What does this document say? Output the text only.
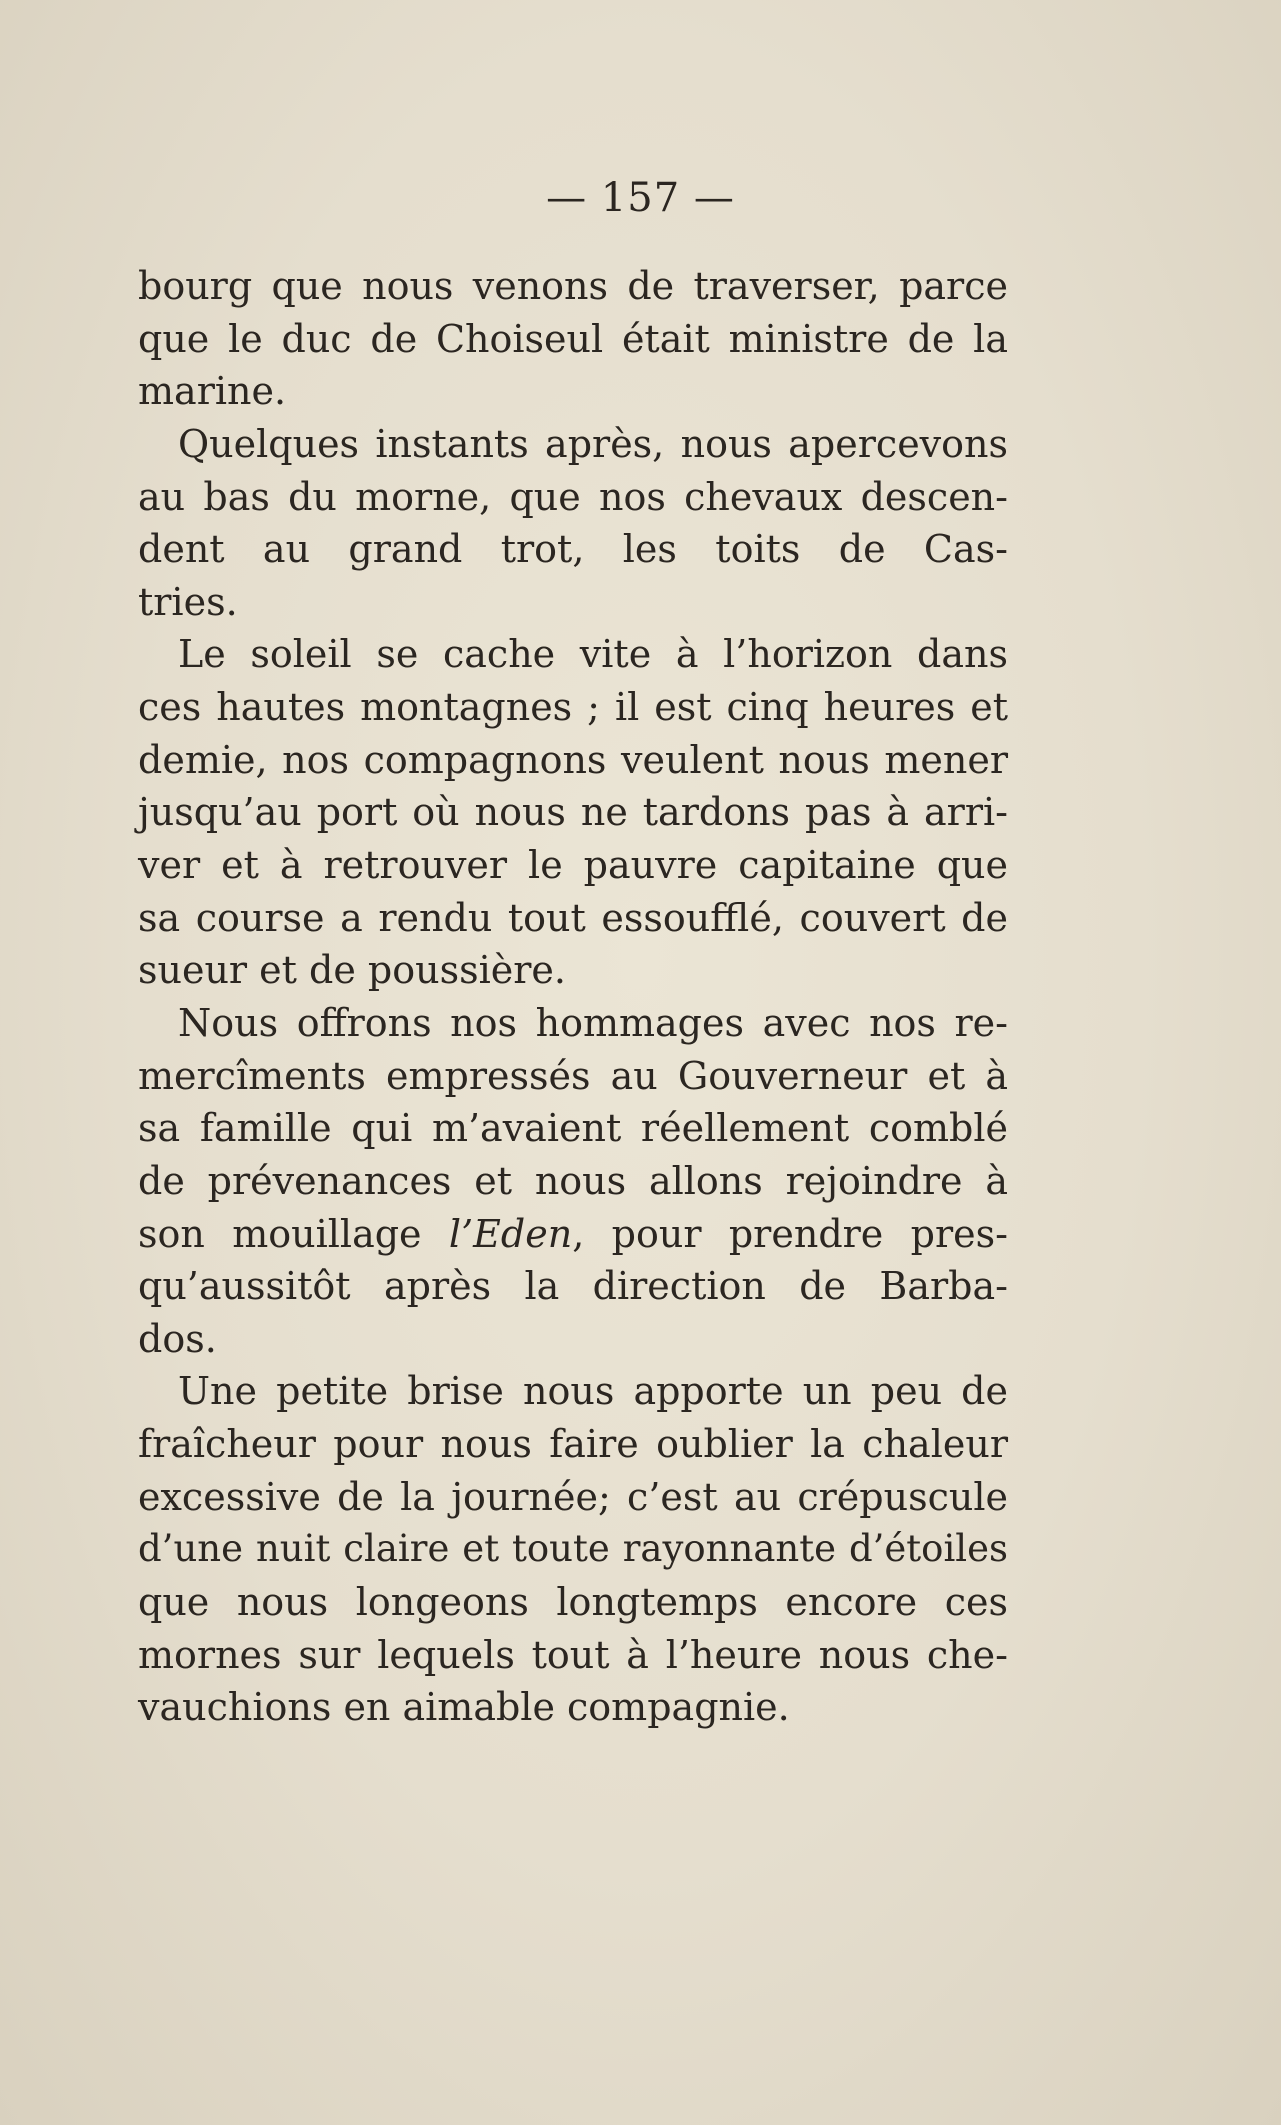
— 157 —
bourg que nous venons de traverser, parce
que le duc de Choiseul était ministre de la
marine.
Quelques instants après, nous apercevons
au bas du morne, que nos chevaux descen-
dent au grand trot, les toits de Cas-
tries.
Le soleil se cache vite à l’horizon dans
ces hautes montagnes ; il est cinq heures et
demie, nos compagnons veulent nous mener
jusqu’au port où nous ne tardons pas à arri-
ver et à retrouver le pauvre capitaine que
sa course a rendu tout essoufflé, couvert de
sueur et de poussière.
Nous offrons nos hommages avec nos re-
mercîments empressés au Gouverneur et à
sa famille qui m’avaient réellement comblé
de prévenances et nous allons rejoindre à
son mouillage l’Eden, pour prendre pres-
qu’aussitôt après la direction de Barba-
dos.
Une petite brise nous apporte un peu de
fraîcheur pour nous faire oublier la chaleur
excessive de la journée; c’est au crépuscule
d’une nuit claire et toute rayonnante d’étoiles
que nous longeons longtemps encore ces
mornes sur lequels tout à l’heure nous che-
vauchions en aimable compagnie.
